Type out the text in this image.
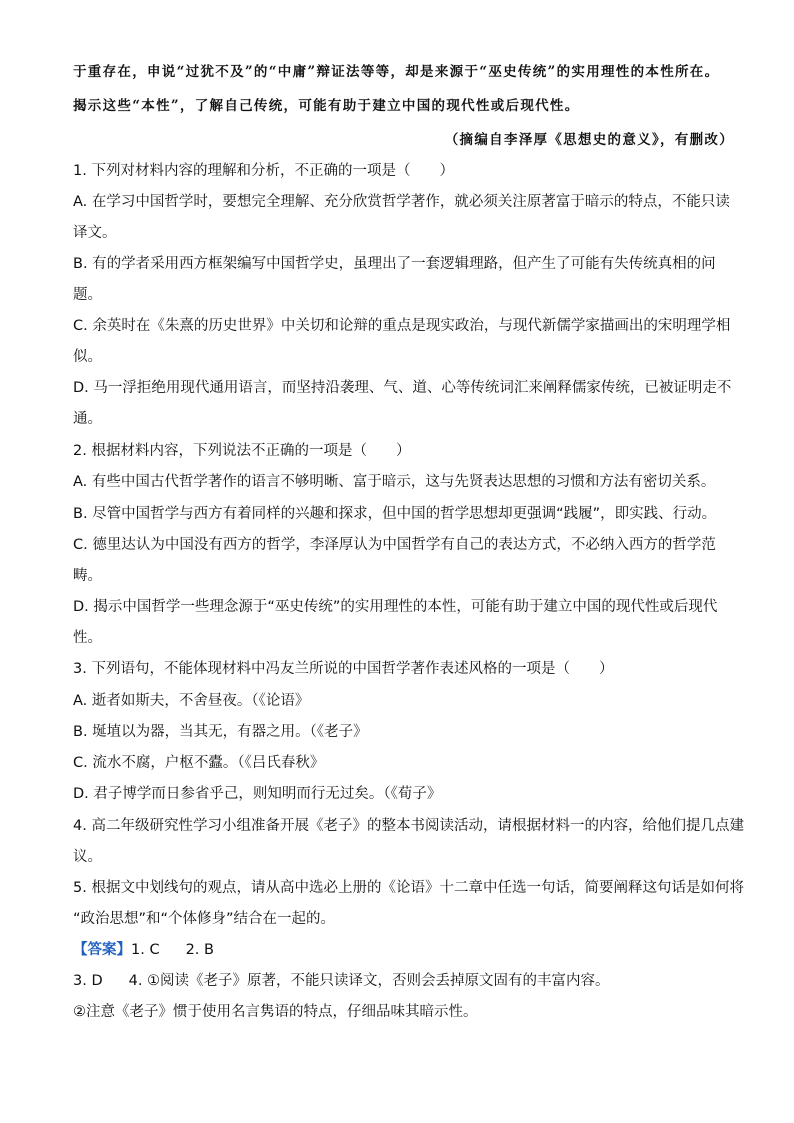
于重存在，申说“过犹不及”的“中庸”辩证法等等，却是来源于“巫史传统”的实用理性的本性所在。
揭示这些“本性”，了解自己传统，可能有助于建立中国的现代性或后现代性。
（摘编自李泽厚《思想史的意义》，有删改）
1. 下列对材料内容的理解和分析，不正确的一项是（　　）
A. 在学习中国哲学时，要想完全理解、充分欣赏哲学著作，就必须关注原著富于暗示的特点，不能只读
译文。
B. 有的学者采用西方框架编写中国哲学史，虽理出了一套逻辑理路，但产生了可能有失传统真相的问
题。
C. 余英时在《朱熹的历史世界》中关切和论辩的重点是现实政治，与现代新儒学家描画出的宋明理学相
似。
D. 马一浮拒绝用现代通用语言，而坚持沿袭理、气、道、心等传统词汇来阐释儒家传统，已被证明走不
通。
2. 根据材料内容，下列说法不正确的一项是（　　）
A. 有些中国古代哲学著作的语言不够明晰、富于暗示，这与先贤表达思想的习惯和方法有密切关系。
B. 尽管中国哲学与西方有着同样的兴趣和探求，但中国的哲学思想却更强调“践履”，即实践、行动。
C. 德里达认为中国没有西方的哲学，李泽厚认为中国哲学有自己的表达方式，不必纳入西方的哲学范
畴。
D. 揭示中国哲学一些理念源于“巫史传统”的实用理性的本性，可能有助于建立中国的现代性或后现代
性。
3. 下列语句，不能体现材料中冯友兰所说的中国哲学著作表述风格的一项是（　　）
A. 逝者如斯夫，不舍昼夜。（《论语》
B. 埏埴以为器，当其无，有器之用。（《老子》
C. 流水不腐，户枢不蠹。（《吕氏春秋》
D. 君子博学而日参省乎己，则知明而行无过矣。（《荀子》
4. 高二年级研究性学习小组准备开展《老子》的整本书阅读活动，请根据材料一的内容，给他们提几点建
议。
5. 根据文中划线句的观点，请从高中选必上册的《论语》十二章中任选一句话，简要阐释这句话是如何将
“政治思想”和“个体修身”结合在一起的。
【答案】1. C 2. B
3. D 4. ①阅读《老子》原著，不能只读译文，否则会丢掉原文固有的丰富内容。
②注意《老子》惯于使用名言隽语的特点，仔细品味其暗示性。
